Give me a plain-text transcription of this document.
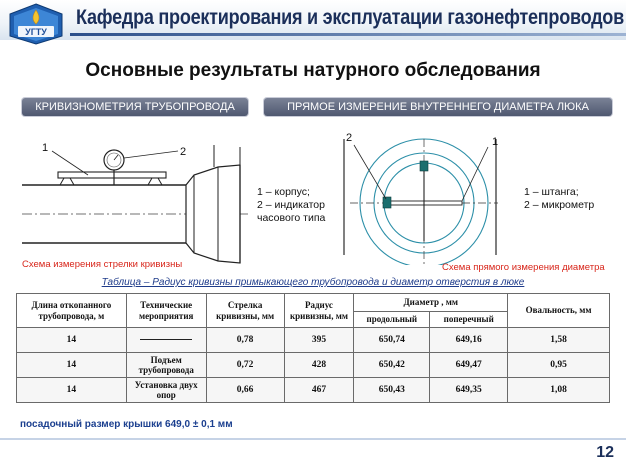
УГТУ
Кафедра проектирования и эксплуатации газонефтепроводов
Основные результаты натурного обследования
КРИВИЗНОМЕТРИЯ ТРУБОПРОВОДА	ПРЯМОЕ ИЗМЕРЕНИЕ ВНУТРЕННЕГО ДИАМЕТРА ЛЮКА
1	2
1 – корпус;
2 – индикатор
часового типа
Схема измерения стрелки кривизны
2	1
1 – штанга;
2 – микрометр
Схема прямого измерения диаметра
Таблица – Радиус кривизны примыкающего трубопровода и диаметр отверстия в люке
Длина откопанного трубопровода, м	Технические мероприятия	Стрелка кривизны, мм	Радиус кривизны, мм	Диаметр , мм		Овальность, мм
				продольный	поперечный	
14		0,78	395	650,74	649,16	1,58
14	Подъем трубопровода	0,72	428	650,42	649,47	0,95
14	Установка двух опор	0,66	467	650,43	649,35	1,08
посадочный размер крышки 649,0 ± 0,1 мм
12
